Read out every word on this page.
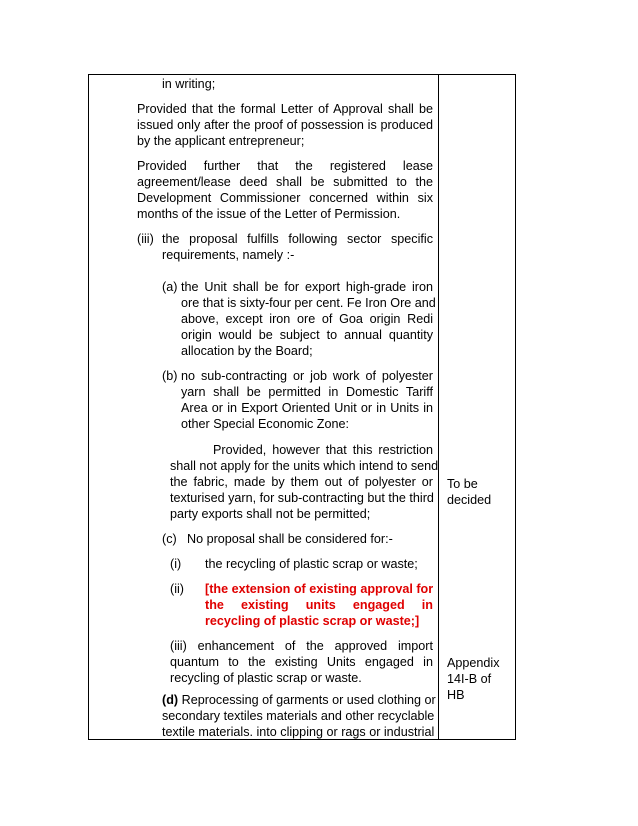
in writing;
Provided that the formal Letter of Approval shall be
issued only after the proof of possession is produced
by the applicant entrepreneur;
Provided further that the registered lease
agreement/lease deed shall be submitted to the
Development Commissioner concerned within six
months of the issue of the Letter of Permission.
(iii) the proposal fulfills following sector specific
requirements, namely :-
(a) the Unit shall be for export high-grade iron
ore that is sixty-four per cent. Fe Iron Ore and
above, except iron ore of Goa origin Redi
origin would be subject to annual quantity
allocation by the Board;
(b) no sub-contracting or job work of polyester
yarn shall be permitted in Domestic Tariff
Area or in Export Oriented Unit or in Units in
other Special Economic Zone:
Provided, however that this restriction
shall not apply for the units which intend to send
the fabric, made by them out of polyester or
texturised yarn, for sub-contracting but the third
party exports shall not be permitted;
(c) No proposal shall be considered for:-
(i) the recycling of plastic scrap or waste;
(ii) [the extension of existing approval for
the existing units engaged in
recycling of plastic scrap or waste;]
(iii) enhancement of the approved import
quantum to the existing Units engaged in
recycling of plastic scrap or waste.
(d) Reprocessing of garments or used clothing or
secondary textiles materials and other recyclable
textile materials. into clipping or rags or industrial
To be
decided
Appendix
14I-B of
HB
